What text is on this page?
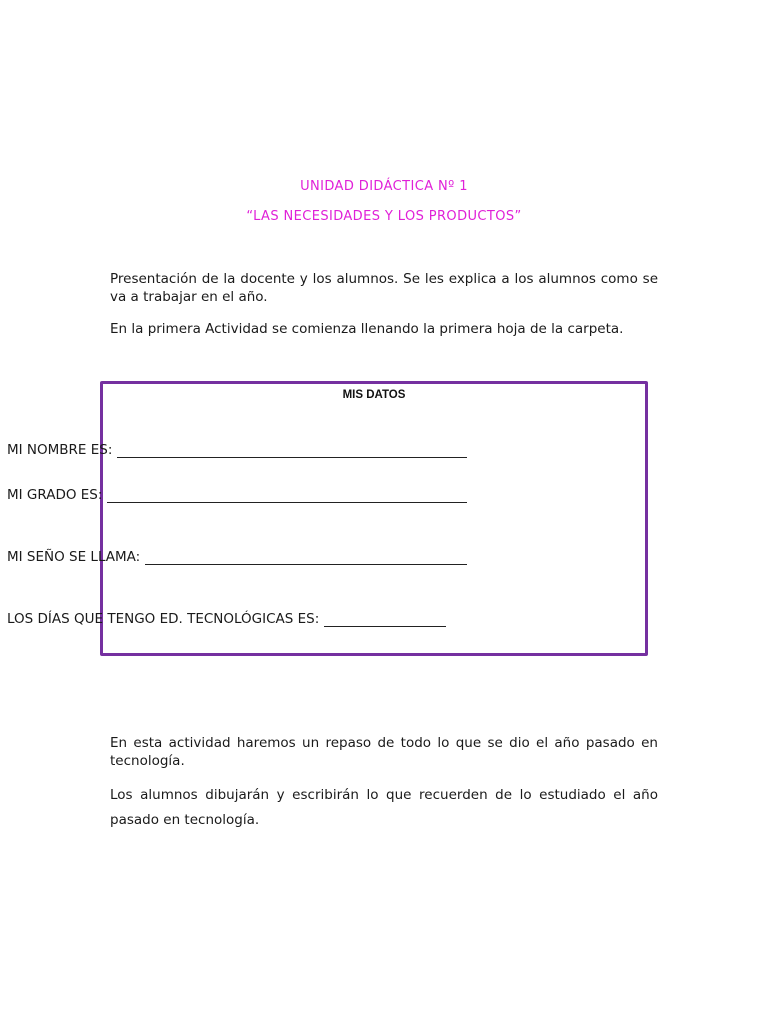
UNIDAD DIDÁCTICA Nº 1
“LAS NECESIDADES Y LOS PRODUCTOS”

Presentación de la docente y los alumnos. Se les explica a los alumnos como se va a trabajar en el año.

En la primera Actividad se comienza llenando la primera hoja de la carpeta.

MIS DATOS
MI NOMBRE ES:
MI GRADO ES:
MI SEÑO SE LLAMA:
LOS DÍAS QUE TENGO ED. TECNOLÓGICAS ES:

En esta actividad haremos un repaso de todo lo que se dio el año pasado en tecnología.

Los alumnos dibujarán y escribirán lo que recuerden de lo estudiado el año pasado en tecnología.
